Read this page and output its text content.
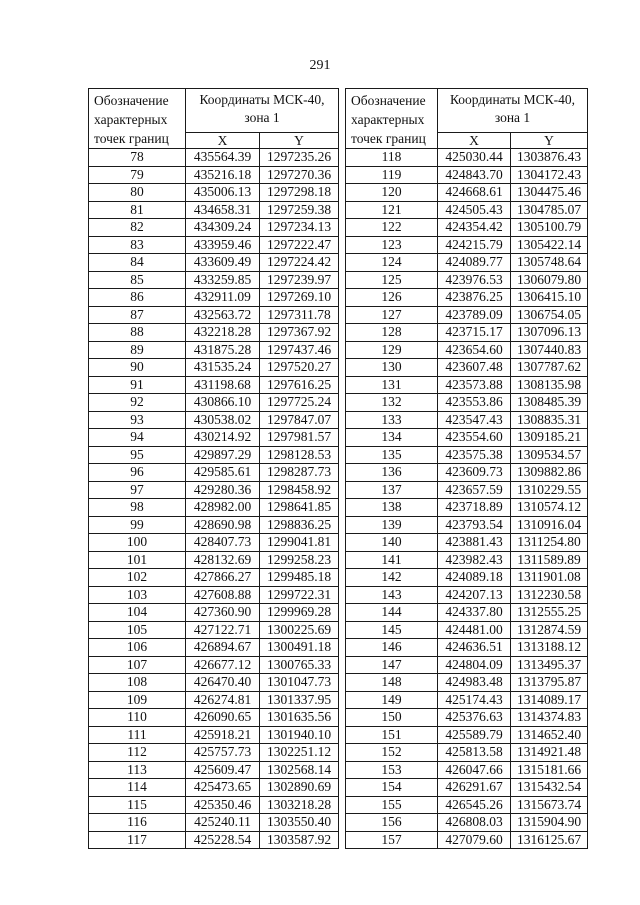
291
Обозначение
характерных
точек границ	Координаты МСК-40,
зона 1	
	X	Y
78	435564.39	1297235.26
79	435216.18	1297270.36
80	435006.13	1297298.18
81	434658.31	1297259.38
82	434309.24	1297234.13
83	433959.46	1297222.47
84	433609.49	1297224.42
85	433259.85	1297239.97
86	432911.09	1297269.10
87	432563.72	1297311.78
88	432218.28	1297367.92
89	431875.28	1297437.46
90	431535.24	1297520.27
91	431198.68	1297616.25
92	430866.10	1297725.24
93	430538.02	1297847.07
94	430214.92	1297981.57
95	429897.29	1298128.53
96	429585.61	1298287.73
97	429280.36	1298458.92
98	428982.00	1298641.85
99	428690.98	1298836.25
100	428407.73	1299041.81
101	428132.69	1299258.23
102	427866.27	1299485.18
103	427608.88	1299722.31
104	427360.90	1299969.28
105	427122.71	1300225.69
106	426894.67	1300491.18
107	426677.12	1300765.33
108	426470.40	1301047.73
109	426274.81	1301337.95
110	426090.65	1301635.56
111	425918.21	1301940.10
112	425757.73	1302251.12
113	425609.47	1302568.14
114	425473.65	1302890.69
115	425350.46	1303218.28
116	425240.11	1303550.40
117	425228.54	1303587.92
Обозначение
характерных
точек границ	Координаты МСК-40,
зона 1	
	X	Y
118	425030.44	1303876.43
119	424843.70	1304172.43
120	424668.61	1304475.46
121	424505.43	1304785.07
122	424354.42	1305100.79
123	424215.79	1305422.14
124	424089.77	1305748.64
125	423976.53	1306079.80
126	423876.25	1306415.10
127	423789.09	1306754.05
128	423715.17	1307096.13
129	423654.60	1307440.83
130	423607.48	1307787.62
131	423573.88	1308135.98
132	423553.86	1308485.39
133	423547.43	1308835.31
134	423554.60	1309185.21
135	423575.38	1309534.57
136	423609.73	1309882.86
137	423657.59	1310229.55
138	423718.89	1310574.12
139	423793.54	1310916.04
140	423881.43	1311254.80
141	423982.43	1311589.89
142	424089.18	1311901.08
143	424207.13	1312230.58
144	424337.80	1312555.25
145	424481.00	1312874.59
146	424636.51	1313188.12
147	424804.09	1313495.37
148	424983.48	1313795.87
149	425174.43	1314089.17
150	425376.63	1314374.83
151	425589.79	1314652.40
152	425813.58	1314921.48
153	426047.66	1315181.66
154	426291.67	1315432.54
155	426545.26	1315673.74
156	426808.03	1315904.90
157	427079.60	1316125.67
